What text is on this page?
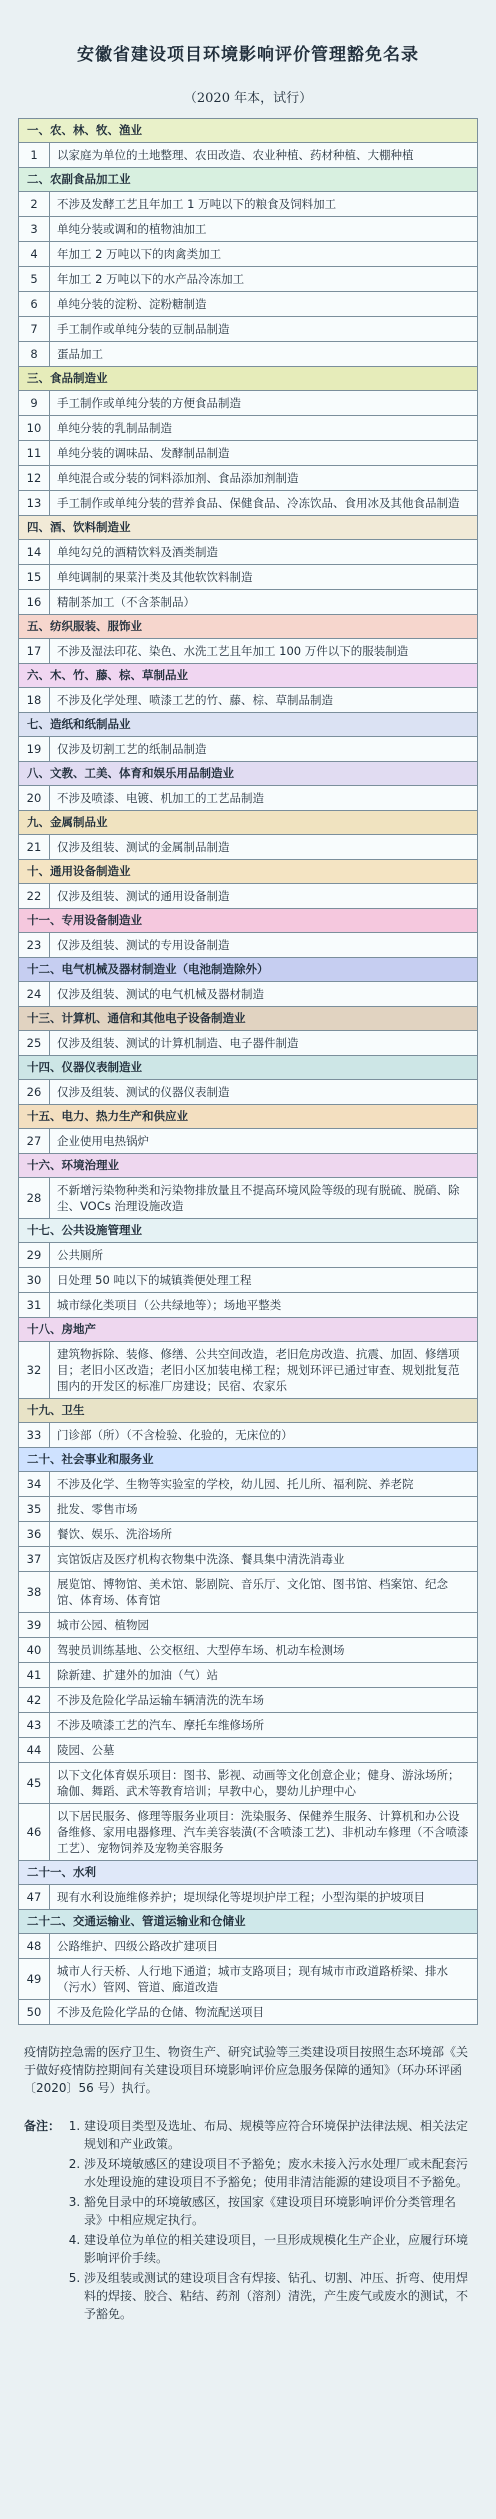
安徽省建设项目环境影响评价管理豁免名录
（2020 年本，试行）
一、农、林、牧、渔业
1	以家庭为单位的土地整理、农田改造、农业种植、药材种植、大棚种植
二、农副食品加工业
2	不涉及发酵工艺且年加工 1 万吨以下的粮食及饲料加工
3	单纯分装或调和的植物油加工
4	年加工 2 万吨以下的肉禽类加工
5	年加工 2 万吨以下的水产品冷冻加工
6	单纯分装的淀粉、淀粉糖制造
7	手工制作或单纯分装的豆制品制造
8	蛋品加工
三、食品制造业
9	手工制作或单纯分装的方便食品制造
10	单纯分装的乳制品制造
11	单纯分装的调味品、发酵制品制造
12	单纯混合或分装的饲料添加剂、食品添加剂制造
13	手工制作或单纯分装的营养食品、保健食品、冷冻饮品、食用冰及其他食品制造
四、酒、饮料制造业
14	单纯勾兑的酒精饮料及酒类制造
15	单纯调制的果菜汁类及其他软饮料制造
16	精制茶加工（不含茶制品）
五、纺织服装、服饰业
17	不涉及湿法印花、染色、水洗工艺且年加工 100 万件以下的服装制造
六、木、竹、藤、棕、草制品业
18	不涉及化学处理、喷漆工艺的竹、藤、棕、草制品制造
七、造纸和纸制品业
19	仅涉及切割工艺的纸制品制造
八、文教、工美、体育和娱乐用品制造业
20	不涉及喷漆、电镀、机加工的工艺品制造
九、金属制品业
21	仅涉及组装、测试的金属制品制造
十、通用设备制造业
22	仅涉及组装、测试的通用设备制造
十一、专用设备制造业
23	仅涉及组装、测试的专用设备制造
十二、电气机械及器材制造业（电池制造除外）
24	仅涉及组装、测试的电气机械及器材制造
十三、计算机、通信和其他电子设备制造业
25	仅涉及组装、测试的计算机制造、电子器件制造
十四、仪器仪表制造业
26	仅涉及组装、测试的仪器仪表制造
十五、电力、热力生产和供应业
27	企业使用电热锅炉
十六、环境治理业
28
不新增污染物种类和污染物排放量且不提高环境风险等级的现有脱硫、脱硝、除尘、VOCs 治理设施改造
十七、公共设施管理业
29	公共厕所
30	日处理 50 吨以下的城镇粪便处理工程
31	城市绿化类项目（公共绿地等）；场地平整类
十八、房地产
32
建筑物拆除、装修、修缮、公共空间改造，老旧危房改造、抗震、加固、修缮项目；老旧小区改造；老旧小区加装电梯工程；规划环评已通过审查、规划批复范围内的开发区的标准厂房建设；民宿、农家乐
十九、卫生
33	门诊部（所）（不含检验、化验的，无床位的）
二十、社会事业和服务业
34	不涉及化学、生物等实验室的学校，幼儿园、托儿所、福利院、养老院
35	批发、零售市场
36	餐饮、娱乐、洗浴场所
37	宾馆饭店及医疗机构衣物集中洗涤、餐具集中清洗消毒业
38
展览馆、博物馆、美术馆、影剧院、音乐厅、文化馆、图书馆、档案馆、纪念馆、体育场、体育馆
39	城市公园、植物园
40	驾驶员训练基地、公交枢纽、大型停车场、机动车检测场
41	除新建、扩建外的加油（气）站
42	不涉及危险化学品运输车辆清洗的洗车场
43	不涉及喷漆工艺的汽车、摩托车维修场所
44	陵园、公墓
45
以下文化体育娱乐项目：图书、影视、动画等文化创意企业；健身、游泳场所；瑜伽、舞蹈、武术等教育培训；早教中心，婴幼儿护理中心
46
以下居民服务、修理等服务业项目：洗染服务、保健养生服务、计算机和办公设备维修、家用电器修理、汽车美容装潢(不含喷漆工艺)、非机动车修理（不含喷漆工艺）、宠物饲养及宠物美容服务
二十一、水利
47	现有水利设施维修养护；堤坝绿化等堤坝护岸工程；小型沟渠的护坡项目
二十二、交通运输业、管道运输业和仓储业
48	公路维护、四级公路改扩建项目
49
城市人行天桥、人行地下通道；城市支路项目；现有城市市政道路桥梁、排水（污水）管网、管道、廊道改造
50	不涉及危险化学品的仓储、物流配送项目
疫情防控急需的医疗卫生、物资生产、研究试验等三类建设项目按照生态环境部《关于做好疫情防控期间有关建设项目环境影响评价应急服务保障的通知》（环办环评函〔2020〕56 号）执行。
备注：
1.	建设项目类型及选址、布局、规模等应符合环境保护法律法规、相关法定规划和产业政策。
2. 涉及环境敏感区的建设项目不予豁免；废水未接入污水处理厂或未配套污水处理设施的建设项目不予豁免；使用非清洁能源的建设项目不予豁免。
3. 豁免目录中的环境敏感区，按国家《建设项目环境影响评价分类管理名录》中相应规定执行。
4. 建设单位为单位的相关建设项目，一旦形成规模化生产企业，应履行环境影响评价手续。
5. 涉及组装或测试的建设项目含有焊接、钻孔、切割、冲压、折弯、使用焊料的焊接、胶合、粘结、药剂（溶剂）清洗，产生废气或废水的测试，不予豁免。
